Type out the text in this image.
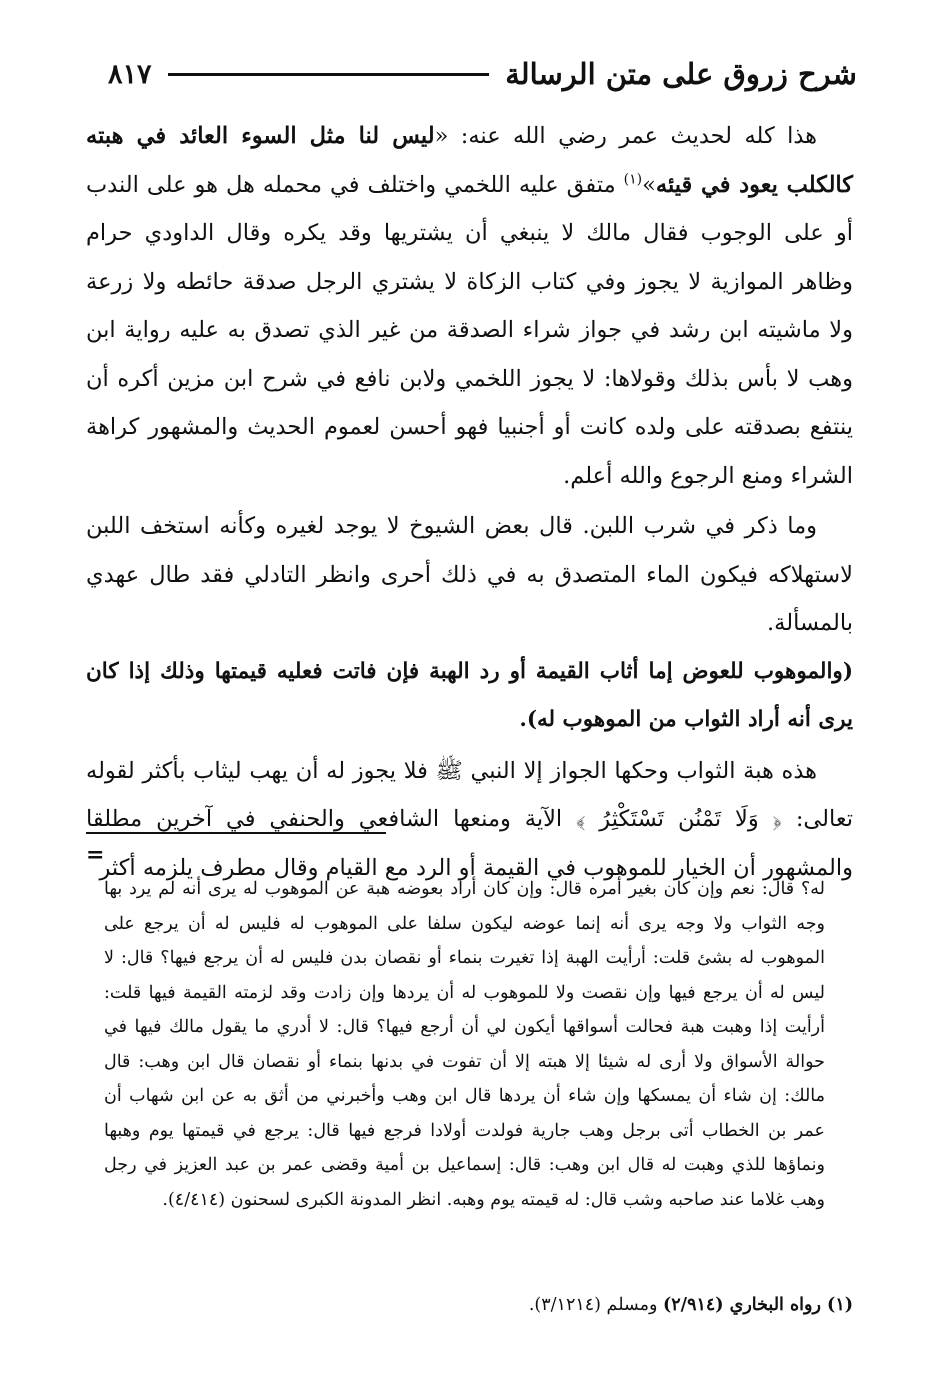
شرح زروق على متن الرسالة
٨١٧

هذا كله لحديث عمر رضي الله عنه: «ليس لنا مثل السوء العائد في هبته كالكلب يعود في قيئه»$^{(١)}$ متفق عليه اللخمي واختلف في محمله هل هو على الندب أو على الوجوب فقال مالك لا ينبغي أن يشتريها وقد يكره وقال الداودي حرام وظاهر الموازية لا يجوز وفي كتاب الزكاة لا يشتري الرجل صدقة حائطه ولا زرعة ولا ماشيته ابن رشد في جواز شراء الصدقة من غير الذي تصدق به عليه رواية ابن وهب لا بأس بذلك وقولاها: لا يجوز اللخمي ولابن نافع في شرح ابن مزين أكره أن ينتفع بصدقته على ولده كانت أو أجنبيا فهو أحسن لعموم الحديث والمشهور كراهة الشراء ومنع الرجوع والله أعلم.

وما ذكر في شرب اللبن. قال بعض الشيوخ لا يوجد لغيره وكأنه استخف اللبن لاستهلاكه فيكون الماء المتصدق به في ذلك أحرى وانظر التادلي فقد طال عهدي بالمسألة.

(والموهوب للعوض إما أثاب القيمة أو رد الهبة فإن فاتت فعليه قيمتها وذلك إذا كان يرى أنه أراد الثواب من الموهوب له).

هذه هبة الثواب وحكها الجواز إلا النبي ﷺ فلا يجوز له أن يهب ليثاب بأكثر لقوله تعالى: ﴿ وَلَا تَمْنُن تَسْتَكْثِرُ ﴾ الآية ومنعها الشافعي والحنفي في آخرين مطلقا والمشهور أن الخيار للموهوب في القيمة أو الرد مع القيام وقال مطرف يلزمه أكثر

=

له؟ قال: نعم وإن كان بغير أمره قال: وإن كان أراد بعوضه هبة عن الموهوب له يرى أنه لم يرد بها وجه الثواب ولا وجه يرى أنه إنما عوضه ليكون سلفا على الموهوب له فليس له أن يرجع على الموهوب له بشئ قلت: أرأيت الهبة إذا تغيرت بنماء أو نقصان بدن فليس له أن يرجع فيها؟ قال: لا ليس له أن يرجع فيها وإن نقصت ولا للموهوب له أن يردها وإن زادت وقد لزمته القيمة فيها قلت: أرأيت إذا وهبت هبة فحالت أسواقها أيكون لي أن أرجع فيها؟ قال: لا أدري ما يقول مالك فيها في حوالة الأسواق ولا أرى له شيئا إلا هبته إلا أن تفوت في بدنها بنماء أو نقصان قال ابن وهب: قال مالك: إن شاء أن يمسكها وإن شاء أن يردها قال ابن وهب وأخبرني من أثق به عن ابن شهاب أن عمر بن الخطاب أتى برجل وهب جارية فولدت أولادا فرجع فيها قال: يرجع في قيمتها يوم وهبها ونماؤها للذي وهبت له قال ابن وهب: قال: إسماعيل بن أمية وقضى عمر بن عبد العزيز في رجل وهب غلاما عند صاحبه وشب قال: له قيمته يوم وهبه. انظر المدونة الكبرى لسحنون (٤/٤١٤).

(١) رواه البخاري (٢/٩١٤) ومسلم (٣/١٢١٤).
